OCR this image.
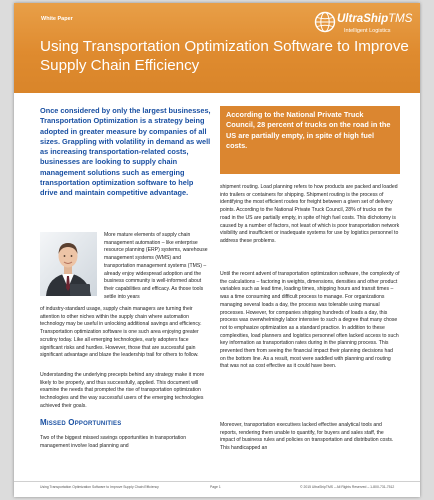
White Paper	UltraShipTMS
Intelligent Logistics
Using Transportation Optimization Software to Improve Supply Chain Efficiency

Once considered by only the largest businesses, Transportation Optimization is a strategy being adopted in greater measure by companies of all sizes. Grappling with volatility in demand as well as increasing transportation-related costs, businesses are looking to supply chain management solutions such as emerging transportation optimization software to help drive and maintain competitive advantage.

According to the National Private Truck Council, 28 percent of trucks on the road in the US are partially empty, in spite of high fuel costs.

More mature elements of supply chain management automation – like enterprise resource planning (ERP) systems, warehouse management systems (WMS) and transportation management systems (TMS) – already enjoy widespread adoption and the business community is well-informed about their capabilities and efficacy. As those tools settle into years

of industry-standard usage, supply chain managers are turning their attention to other niches within the supply chain where automation technology may be useful in unlocking additional savings and efficiency. Transportation optimization software is one such area enjoying greater scrutiny today. Like all emerging technologies, early adopters face significant risks and hurdles. However, those that are successful gain significant advantage and blaze the leadership trail for others to follow.

Understanding the underlying precepts behind any strategy make it more likely to be properly, and thus successfully, applied. This document will examine the needs that prompted the rise of transportation optimization technologies and the way successful users of the emerging technologies achieved their goals.

Missed Opportunities

Two of the biggest missed savings opportunities in transportation management involve load planning and

shipment routing. Load planning refers to how products are packed and loaded into trailers or containers for shipping. Shipment routing is the process of identifying the most efficient routes for freight between a given set of delivery points. According to the National Private Truck Council, 28% of trucks on the road in the US are partially empty, in spite of high fuel costs. This dichotomy is caused by a number of factors, not least of which is poor transportation network visibility and insufficient or inadequate systems for use by logistics personnel to address these problems.

Until the recent advent of transportation optimization software, the complexity of the calculations – factoring in weights, dimensions, densities and other product variables such as lead time, loading times, shipping hours and transit times – was a time consuming and difficult process to manage. For organizations managing several loads a day, the process was tolerable using manual processes. However, for companies shipping hundreds of loads a day, this process was overwhelmingly labor intensive to such a degree that many chose not to emphasize optimization as a standard practice. In addition to these complexities, load planners and logistics personnel often lacked access to such key information as transportation rates during in the planning process. This prevented them from seeing the financial impact their planning decisions had on the bottom line. As a result, most were saddled with planning and routing that was not as cost effective as it could have been.

Moreover, transportation executives lacked effective analytical tools and reports, rendering them unable to quantify, for buyers and sales staff, the impact of business rules and policies on transportation and distribution costs. This handicapped an

Using Transportation Optimization Software to Improve Supply Chain Efficiency	Page 1	© 2015 UltraShipTMS – All Rights Reserved – 1-800-731-7512
